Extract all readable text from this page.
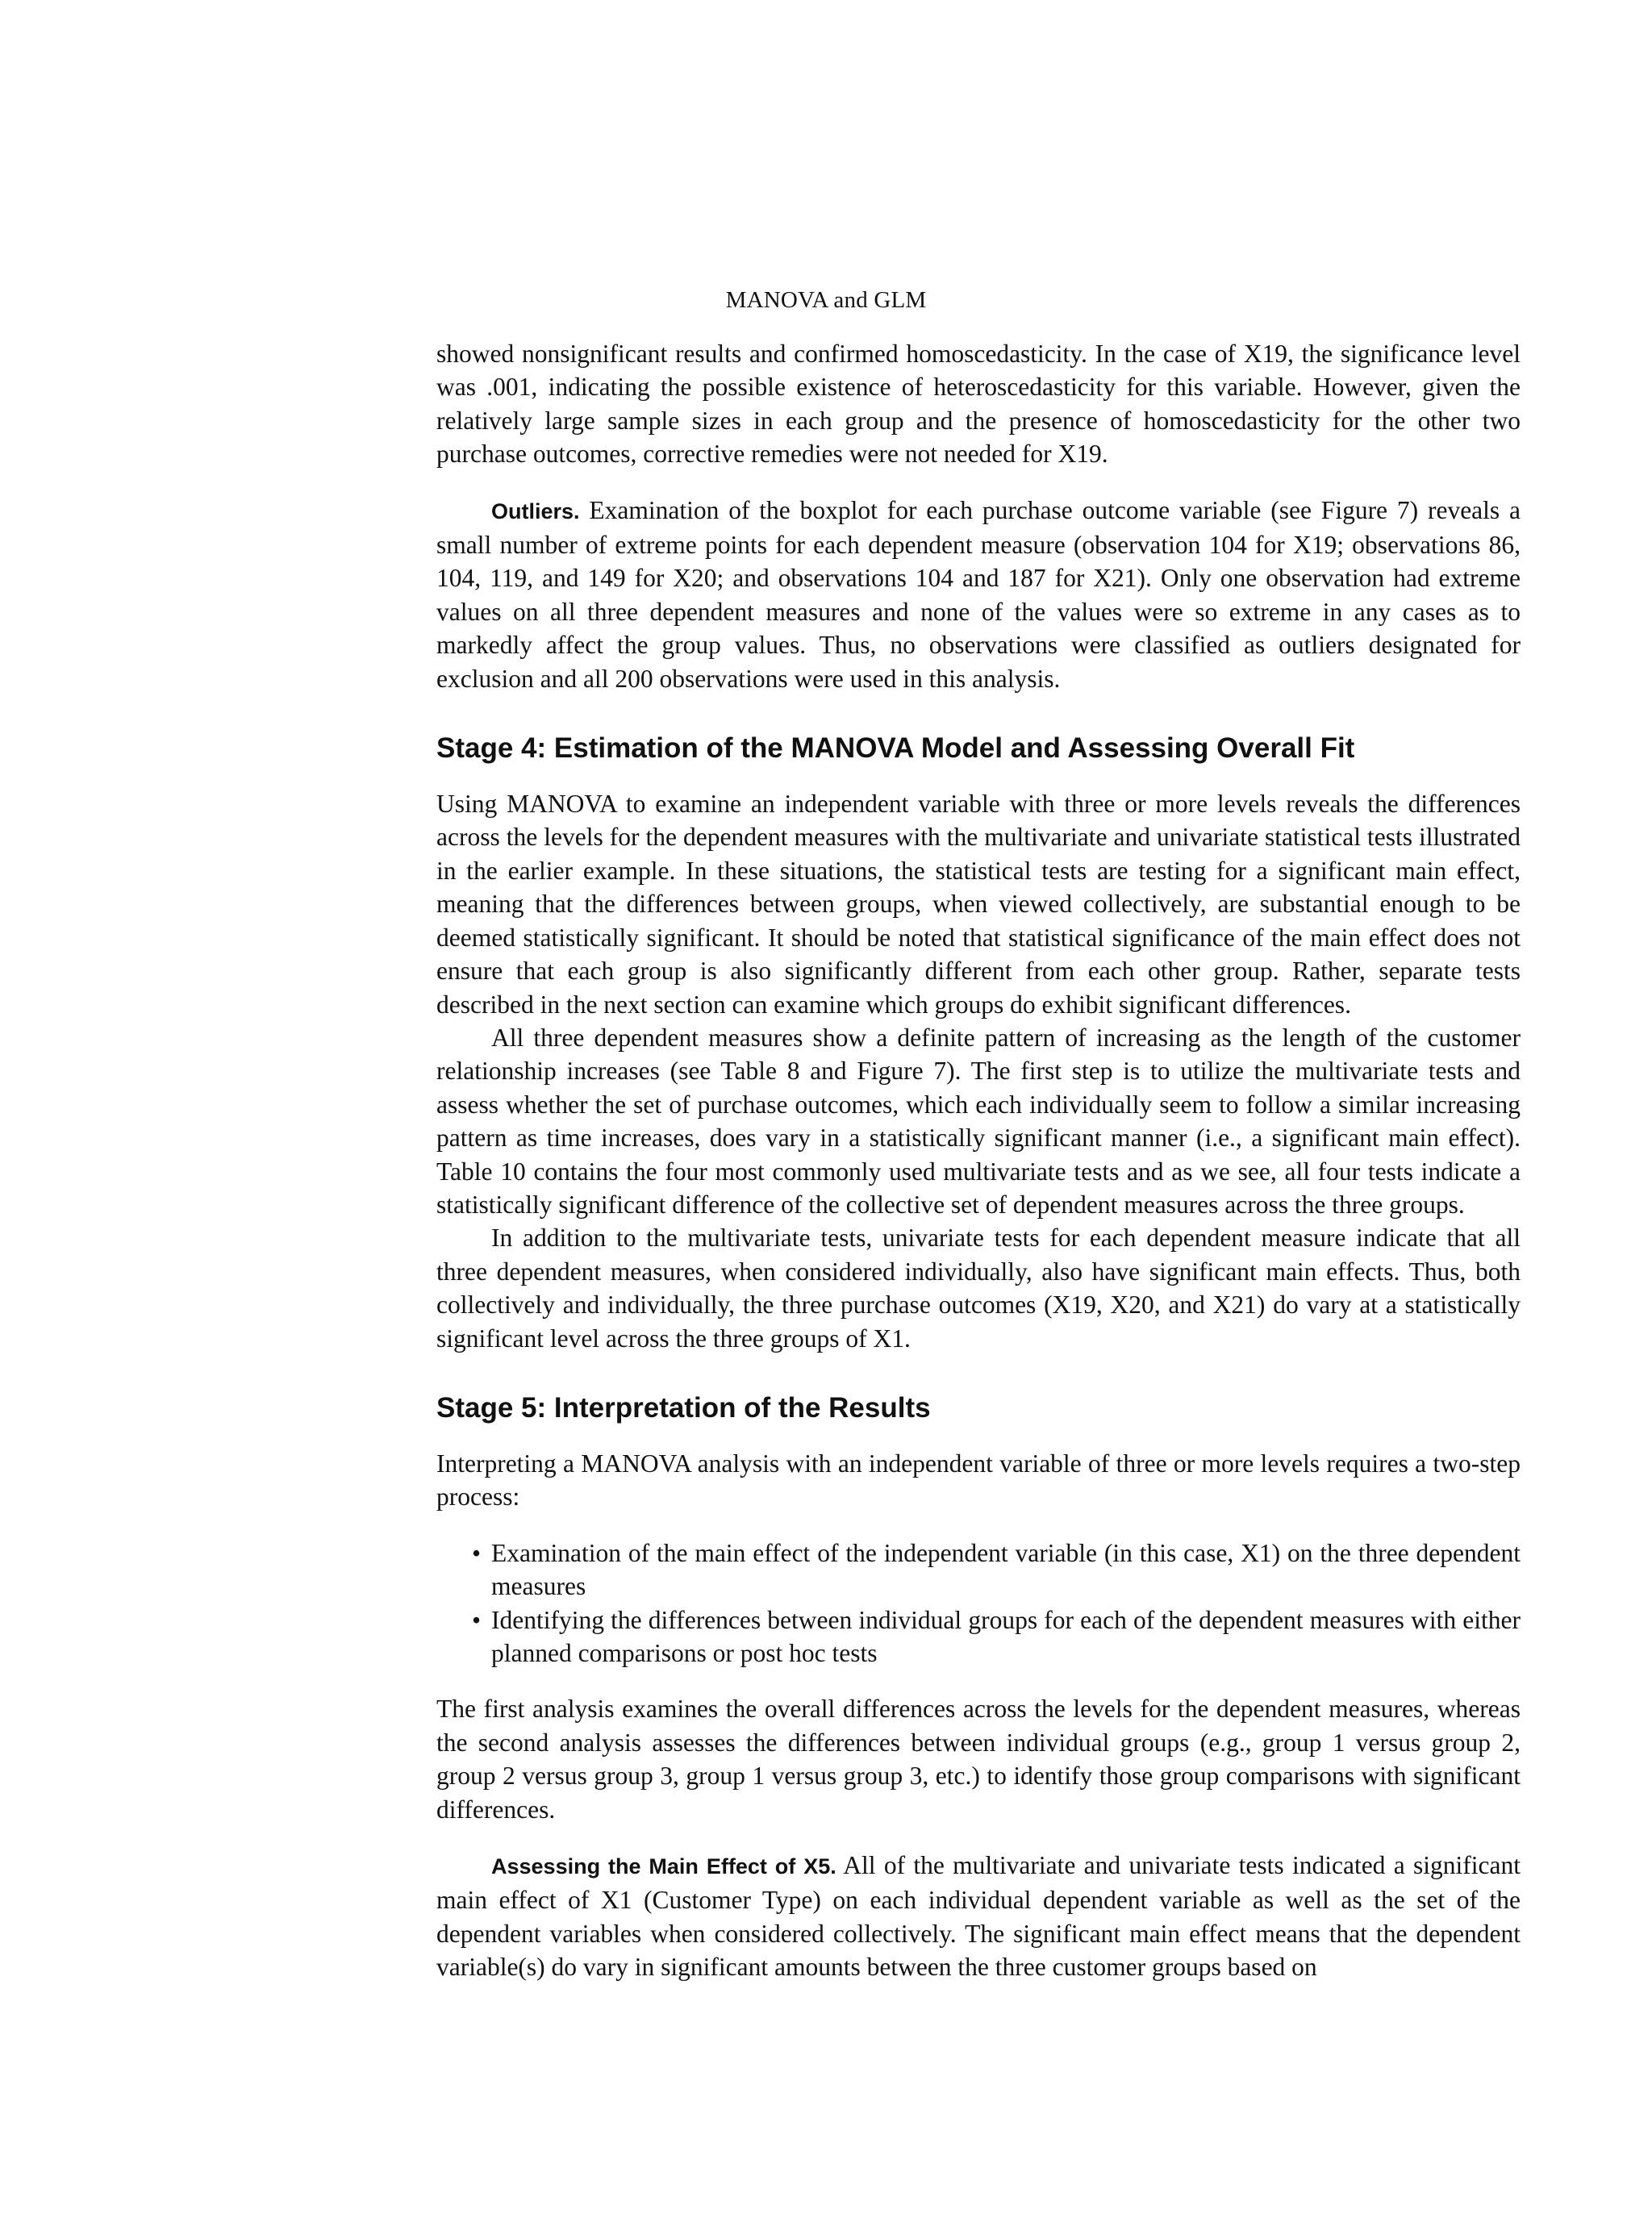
MANOVA and GLM

showed nonsignificant results and confirmed homoscedasticity. In the case of X19, the significance level was .001, indicating the possible existence of heteroscedasticity for this variable. However, given the relatively large sample sizes in each group and the presence of homoscedasticity for the other two purchase outcomes, corrective remedies were not needed for X19.

Outliers. Examination of the boxplot for each purchase outcome variable (see Figure 7) reveals a small number of extreme points for each dependent measure (observation 104 for X19; observations 86, 104, 119, and 149 for X20; and observations 104 and 187 for X21). Only one observation had extreme values on all three dependent measures and none of the values were so extreme in any cases as to markedly affect the group values. Thus, no observations were classified as outliers designated for exclusion and all 200 observations were used in this analysis.

Stage 4: Estimation of the MANOVA Model and Assessing Overall Fit

Using MANOVA to examine an independent variable with three or more levels reveals the differences across the levels for the dependent measures with the multivariate and univariate statistical tests illustrated in the earlier example. In these situations, the statistical tests are testing for a significant main effect, meaning that the differences between groups, when viewed collectively, are substantial enough to be deemed statistically significant. It should be noted that statistical significance of the main effect does not ensure that each group is also significantly different from each other group. Rather, separate tests described in the next section can examine which groups do exhibit significant differences.

All three dependent measures show a definite pattern of increasing as the length of the customer relationship increases (see Table 8 and Figure 7). The first step is to utilize the multivariate tests and assess whether the set of purchase outcomes, which each individually seem to follow a similar increasing pattern as time increases, does vary in a statistically significant manner (i.e., a significant main effect). Table 10 contains the four most commonly used multivariate tests and as we see, all four tests indicate a statistically significant difference of the collective set of dependent measures across the three groups.

In addition to the multivariate tests, univariate tests for each dependent measure indicate that all three dependent measures, when considered individually, also have significant main effects. Thus, both collectively and individually, the three purchase outcomes (X19, X20, and X21) do vary at a statistically significant level across the three groups of X1.

Stage 5: Interpretation of the Results

Interpreting a MANOVA analysis with an independent variable of three or more levels requires a two-step process:

• Examination of the main effect of the independent variable (in this case, X1) on the three dependent measures
• Identifying the differences between individual groups for each of the dependent measures with either planned comparisons or post hoc tests

The first analysis examines the overall differences across the levels for the dependent measures, whereas the second analysis assesses the differences between individual groups (e.g., group 1 versus group 2, group 2 versus group 3, group 1 versus group 3, etc.) to identify those group comparisons with significant differences.

Assessing the Main Effect of X5. All of the multivariate and univariate tests indicated a significant main effect of X1 (Customer Type) on each individual dependent variable as well as the set of the dependent variables when considered collectively. The significant main effect means that the dependent variable(s) do vary in significant amounts between the three customer groups based on
